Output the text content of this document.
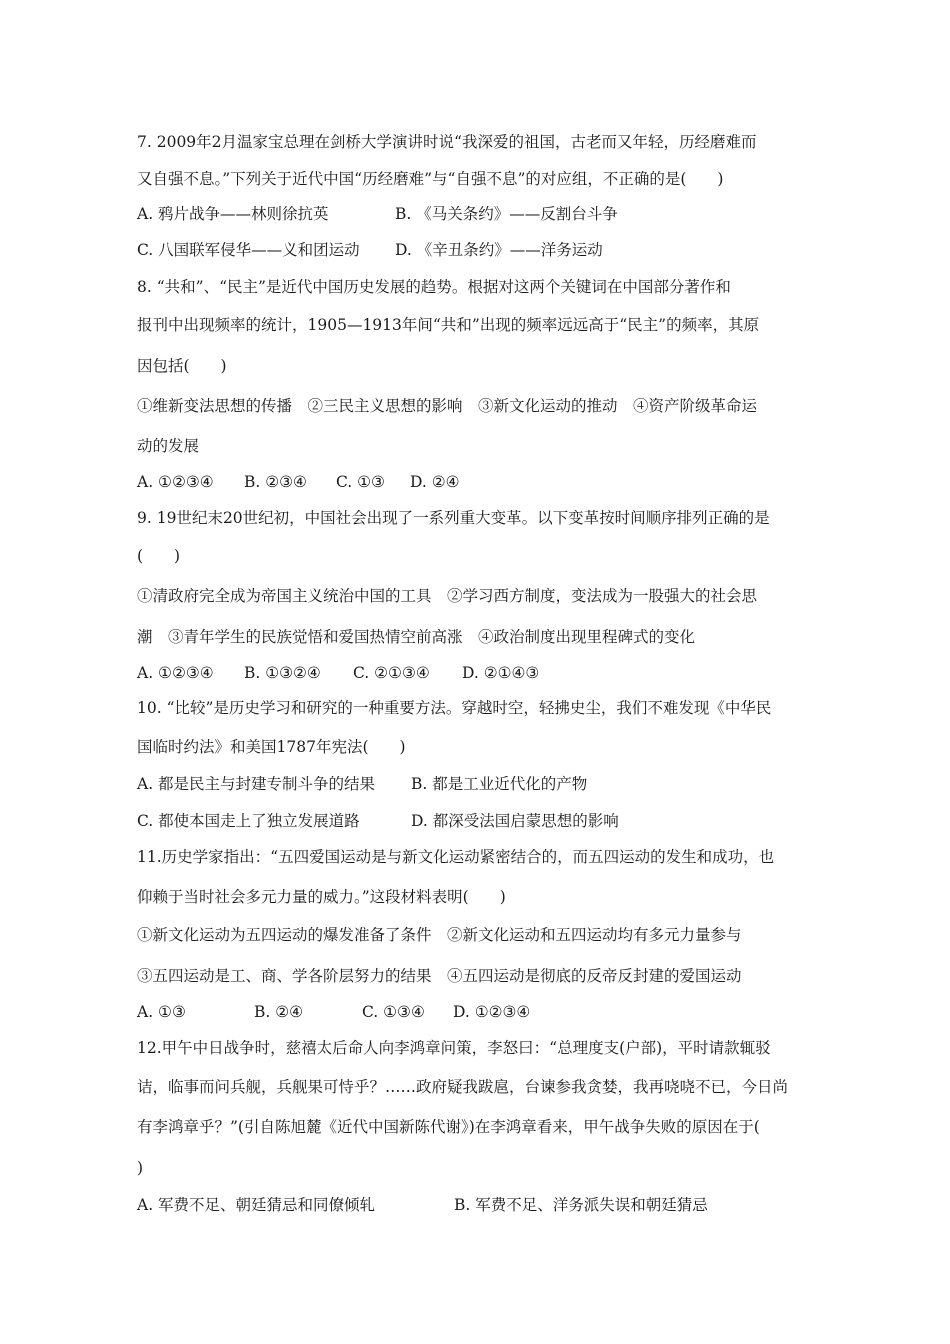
7. 2009年2月温家宝总理在剑桥大学演讲时说“我深爱的祖国，古老而又年轻，历经磨难而
又自强不息。”下列关于近代中国“历经磨难”与“自强不息”的对应组，不正确的是(　　)
A. 鸦片战争——林则徐抗英	B. 《马关条约》——反割台斗争
C. 八国联军侵华——义和团运动 D. 《辛丑条约》——洋务运动
8. “共和”、“民主”是近代中国历史发展的趋势。根据对这两个关键词在中国部分著作和
报刊中出现频率的统计，1905—1913年间“共和”出现的频率远远高于“民主”的频率，其原
因包括(　　)
①维新变法思想的传播　②三民主义思想的影响　③新文化运动的推动　④资产阶级革命运
动的发展
A. ①②③④ B. ②③④ C. ①③ D. ②④
9. 19世纪末20世纪初，中国社会出现了一系列重大变革。以下变革按时间顺序排列正确的是
(　　)
①清政府完全成为帝国主义统治中国的工具　②学习西方制度，变法成为一股强大的社会思
潮　③青年学生的民族觉悟和爱国热情空前高涨　④政治制度出现里程碑式的变化
A. ①②③④ B. ①③②④ C. ②①③④ D. ②①④③
10. “比较”是历史学习和研究的一种重要方法。穿越时空，轻拂史尘，我们不难发现《中华民
国临时约法》和美国1787年宪法(　　)
A. 都是民主与封建专制斗争的结果 B. 都是工业近代化的产物
C. 都使本国走上了独立发展道路	D. 都深受法国启蒙思想的影响
11.历史学家指出：“五四爱国运动是与新文化运动紧密结合的，而五四运动的发生和成功，也
仰赖于当时社会多元力量的威力。”这段材料表明(　　)
①新文化运动为五四运动的爆发准备了条件　②新文化运动和五四运动均有多元力量参与
③五四运动是工、商、学各阶层努力的结果　④五四运动是彻底的反帝反封建的爱国运动
A. ①③	B. ②④	C. ①③④ D. ①②③④
12.甲午中日战争时，慈禧太后命人向李鸿章问策，李怒曰：“总理度支(户部)，平时请款辄驳
诘，临事而问兵舰，兵舰果可恃乎？……政府疑我跋扈，台谏参我贪婪，我再哓哓不已，今日尚
有李鸿章乎？”(引自陈旭麓《近代中国新陈代谢》)在李鸿章看来，甲午战争失败的原因在于(
)
A. 军费不足、朝廷猜忌和同僚倾轧	B. 军费不足、洋务派失误和朝廷猜忌
